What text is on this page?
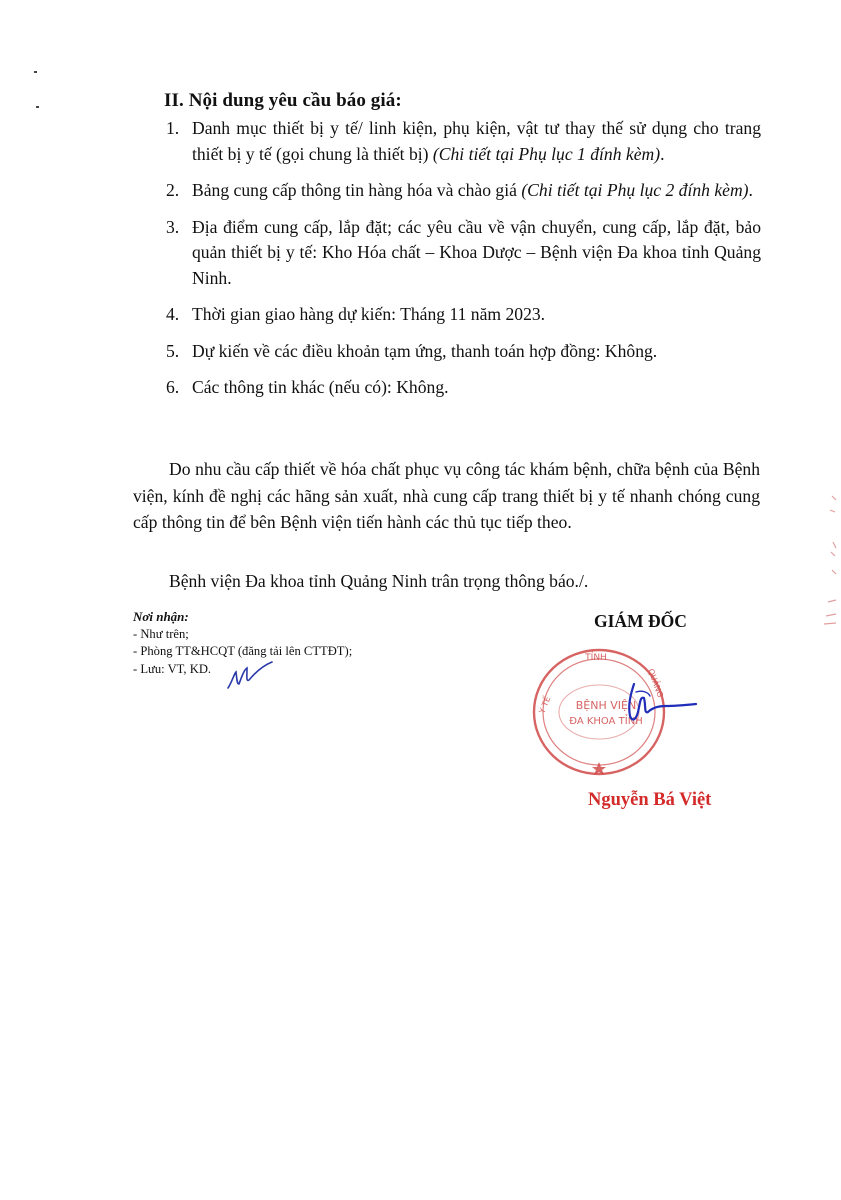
II. Nội dung yêu cầu báo giá:
1. Danh mục thiết bị y tế/ linh kiện, phụ kiện, vật tư thay thế sử dụng cho trang thiết bị y tế (gọi chung là thiết bị) (Chi tiết tại Phụ lục 1 đính kèm).
2. Bảng cung cấp thông tin hàng hóa và chào giá (Chi tiết tại Phụ lục 2 đính kèm).
3. Địa điểm cung cấp, lắp đặt; các yêu cầu về vận chuyển, cung cấp, lắp đặt, bảo quản thiết bị y tế: Kho Hóa chất – Khoa Dược – Bệnh viện Đa khoa tỉnh Quảng Ninh.
4. Thời gian giao hàng dự kiến: Tháng 11 năm 2023.
5. Dự kiến về các điều khoản tạm ứng, thanh toán hợp đồng: Không.
6. Các thông tin khác (nếu có): Không.
Do nhu cầu cấp thiết về hóa chất phục vụ công tác khám bệnh, chữa bệnh của Bệnh viện, kính đề nghị các hãng sản xuất, nhà cung cấp trang thiết bị y tế nhanh chóng cung cấp thông tin để bên Bệnh viện tiến hành các thủ tục tiếp theo.
Bệnh viện Đa khoa tỉnh Quảng Ninh trân trọng thông báo./.
Nơi nhận:
- Như trên;
- Phòng TT&HCQT (đăng tải lên CTTĐT);
- Lưu: VT, KD.
GIÁM ĐỐC
TỈNH
BỆNH VIỆN
ĐA KHOA TỈNH
Y TẾ
QUẢNG
Nguyễn Bá Việt
